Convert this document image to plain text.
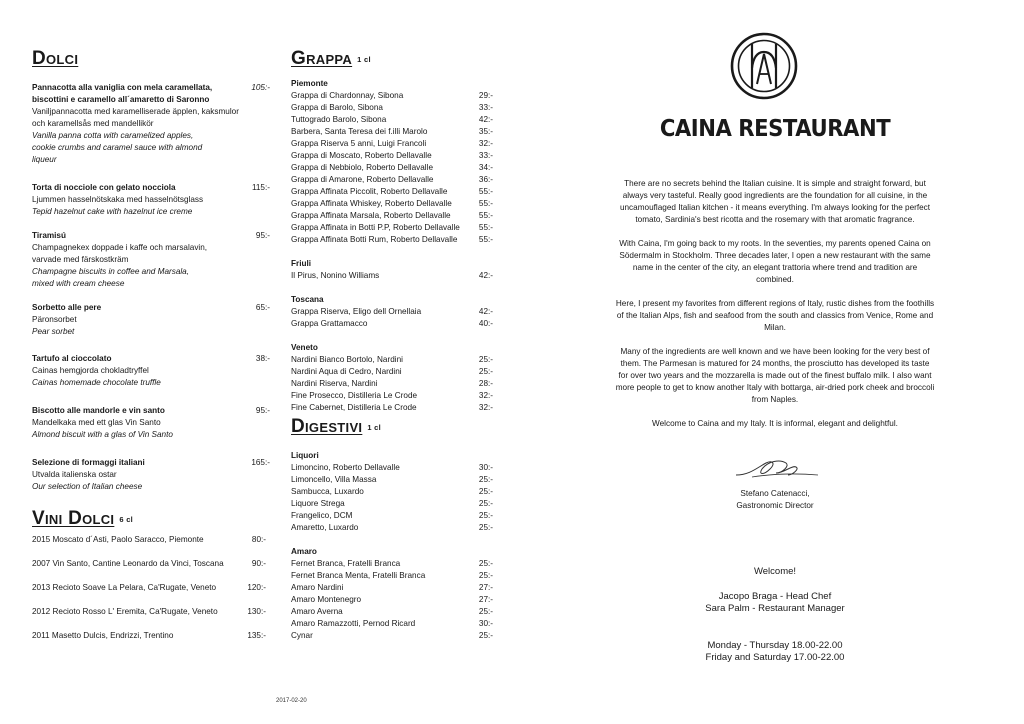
Dolci
Pannacotta alla vaniglia con mela caramellata, biscottini e caramello all´amaretto di Saronno
105:-
Vaniljpannacotta med karamelliserade äpplen, kaksmulor och karamellsås med mandellikör
Vanilla panna cotta with caramelized apples, cookie crumbs and caramel sauce with almond liqueur
Torta di nocciole con gelato nocciola	115:-
Ljummen hasselnötskaka med hasselnötsglass
Tepid hazelnut cake with hazelnut ice creme
Tiramisú	95:-
Champagnekex doppade i kaffe och marsalavin, varvade med färskostkräm
Champagne biscuits in coffee and Marsala, mixed with cream cheese
Sorbetto alle pere	65:-
Päronsorbet
Pear sorbet
Tartufo al cioccolato	38:-
Cainas hemgjorda chokladtryffel
Cainas homemade chocolate truffle
Biscotto alle mandorle e vin santo	95:-
Mandelkaka med ett glas Vin Santo
Almond biscuit with a glas of Vin Santo
Selezione di formaggi italiani	165:-
Utvalda italienska ostar
Our selection of Italian cheese
Vini Dolci 6 cl
2015 Moscato d´Asti, Paolo Saracco, Piemonte	80:-
2007 Vin Santo, Cantine Leonardo da Vinci, Toscana	90:-
2013 Recioto Soave La Pelara, Ca'Rugate, Veneto	120:-
2012 Recioto Rosso L' Eremita, Ca'Rugate, Veneto	130:-
2011 Masetto Dulcis, Endrizzi, Trentino	135:-
Grappa 1 cl
Piemonte
Grappa di Chardonnay, Sibona	29:-
Grappa di Barolo, Sibona	33:-
Tuttogradо Barolo, Sibona	42:-
Barbera, Santa Teresa dei f.illi Marolo	35:-
Grappa Riserva 5 anni, Luigi Francoli	32:-
Grappa di Moscato, Roberto Dellavalle	33:-
Grappa di Nebbiolo, Roberto Dellavalle	34:-
Grappa di Amarone, Roberto Dellavalle	36:-
Grappa Affinata Piccolit, Roberto Dellavalle	55:-
Grappa Affinata Whiskey, Roberto Dellavalle	55:-
Grappa Affinata Marsala, Roberto Dellavalle	55:-
Grappa Affinata in Botti P.P, Roberto Dellavalle 55:-
Grappa Affinata Botti Rum, Roberto Dellavalle	55:-
Friuli
Il Pirus, Nonino Williams	42:-
Toscana
Grappa Riserva, Eligo dell Ornellaia	42:-
Grappa Grattamacco	40:-
Veneto
Nardini Bianco Bortolo, Nardini	25:-
Nardini Aqua di Cedro, Nardini	25:-
Nardini Riserva, Nardini	28:-
Fine Prosecco, Distilleria Le Crode	32:-
Fine Cabernet, Distilleria Le Crode	32:-
Digestivi 1 cl
Liquori
Limoncino, Roberto Dellavalle	30:-
Limoncello, Villa Massa	25:-
Sambucca, Luxardo	25:-
Liquore Strega	25:-
Frangelico, DCM	25:-
Amaretto, Luxardo	25:-
Amaro
Fernet Branca, Fratelli Branca	25:-
Fernet Branca Menta, Fratelli Branca	25:-
Amaro Nardini	27:-
Amaro Montenegro	27:-
Amaro Averna	25:-
Amaro Ramazzotti, Pernod Ricard	30:-
Cynar	25:-
CAINA RESTAURANT

There are no secrets behind the Italian cuisine. It is simple and straight forward, but always very tasteful. Really good ingredients are the foundation for all cuisine, in the uncamouflaged Italian kitchen - it means everything. I'm always looking for the perfect tomato, Sardinia's best ricotta and the rosemary with that aromatic fragrance.

With Caina, I'm going back to my roots. In the seventies, my parents opened Caina on Södermalm in Stockholm. Three decades later, I open a new restaurant with the same name in the center of the city, an elegant trattoria where trend and tradition are combined.

Here, I present my favorites from different regions of Italy, rustic dishes from the foothills of the Italian Alps, fish and seafood from the south and classics from Venice, Rome and Milan.

Many of the ingredients are well known and we have been looking for the very best of them. The Parmesan is matured for 24 months, the prosciutto has developed its taste for over two years and the mozzarella is made out of the finest buffalo milk. I also want more people to get to know another Italy with bottarga, air-dried pork cheek and broccoli from Naples.

Welcome to Caina and my Italy. It is informal, elegant and delightful.

Stefano Catenacci,
Gastronomic Director
Welcome!
Jacopo Braga - Head Chef
Sara Palm - Restaurant Manager
Monday - Thursday 18.00-22.00
Friday and Saturday 17.00-22.00
2017-02-20
